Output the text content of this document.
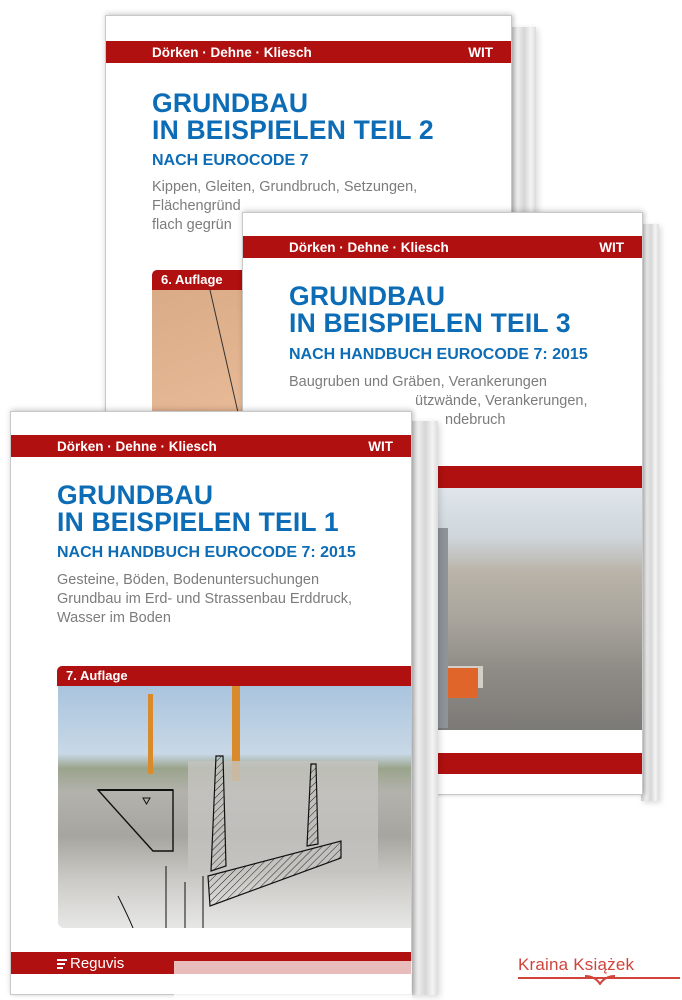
Dörken · Dehne · Kliesch	WIT
GRUNDBAU
IN BEISPIELEN TEIL 2
NACH EUROCODE 7
Kippen, Gleiten, Grundbruch, Setzungen,
Flächengründ
flach gegrün
6. Auflage
Dörken · Dehne · Kliesch	WIT
GRUNDBAU
IN BEISPIELEN TEIL 3
NACH HANDBUCH EUROCODE 7: 2015
Baugruben und Gräben, Verankerungen
ützwände, Verankerungen,
ndebruch
Dörken · Dehne · Kliesch	WIT
GRUNDBAU
IN BEISPIELEN TEIL 1
NACH HANDBUCH EUROCODE 7: 2015
Gesteine, Böden, Bodenuntersuchungen
Grundbau im Erd- und Strassenbau Erddruck,
Wasser im Boden
7. Auflage
Reguvis	Kraina Książek
